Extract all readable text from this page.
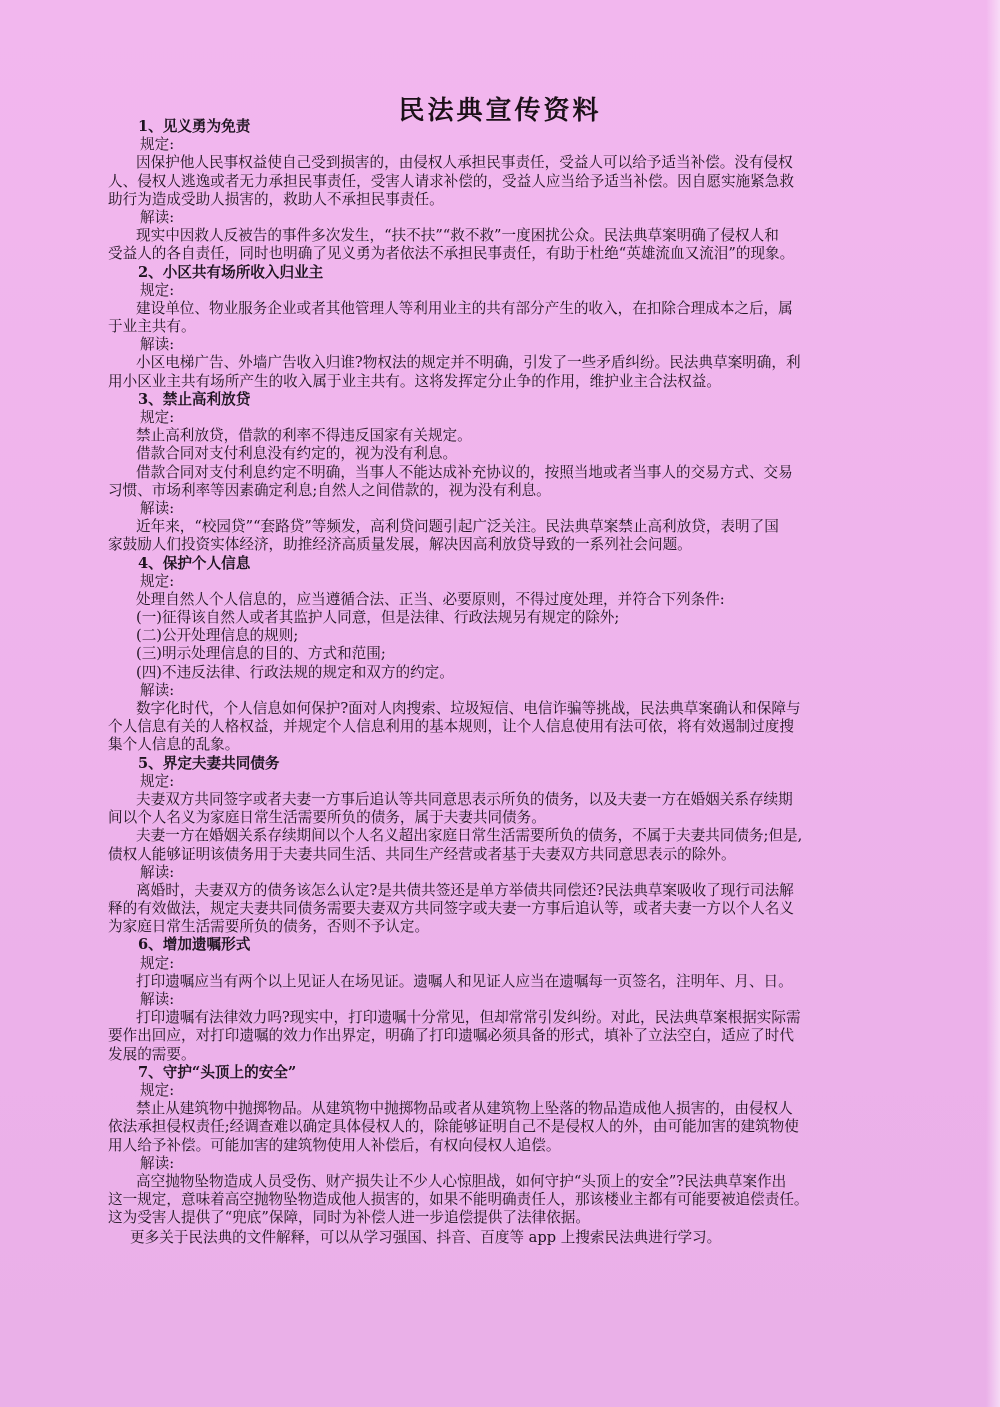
民法典宣传资料
1、见义勇为免责
规定:
因保护他人民事权益使自己受到损害的，由侵权人承担民事责任，受益人可以给予适当补偿。没有侵权
人、侵权人逃逸或者无力承担民事责任，受害人请求补偿的，受益人应当给予适当补偿。因自愿实施紧急救
助行为造成受助人损害的，救助人不承担民事责任。
解读:
现实中因救人反被告的事件多次发生，“扶不扶”“救不救”一度困扰公众。民法典草案明确了侵权人和
受益人的各自责任，同时也明确了见义勇为者依法不承担民事责任，有助于杜绝“英雄流血又流泪”的现象。
2、小区共有场所收入归业主
规定:
建设单位、物业服务企业或者其他管理人等利用业主的共有部分产生的收入，在扣除合理成本之后，属
于业主共有。
解读:
小区电梯广告、外墙广告收入归谁?物权法的规定并不明确，引发了一些矛盾纠纷。民法典草案明确，利
用小区业主共有场所产生的收入属于业主共有。这将发挥定分止争的作用，维护业主合法权益。
3、禁止高利放贷
规定:
禁止高利放贷，借款的利率不得违反国家有关规定。
借款合同对支付利息没有约定的，视为没有利息。
借款合同对支付利息约定不明确，当事人不能达成补充协议的，按照当地或者当事人的交易方式、交易
习惯、市场利率等因素确定利息;自然人之间借款的，视为没有利息。
解读:
近年来，“校园贷”“套路贷”等频发，高利贷问题引起广泛关注。民法典草案禁止高利放贷，表明了国
家鼓励人们投资实体经济，助推经济高质量发展，解决因高利放贷导致的一系列社会问题。
4、保护个人信息
规定:
处理自然人个人信息的，应当遵循合法、正当、必要原则，不得过度处理，并符合下列条件:
(一)征得该自然人或者其监护人同意，但是法律、行政法规另有规定的除外;
(二)公开处理信息的规则;
(三)明示处理信息的目的、方式和范围;
(四)不违反法律、行政法规的规定和双方的约定。
解读:
数字化时代，个人信息如何保护?面对人肉搜索、垃圾短信、电信诈骗等挑战，民法典草案确认和保障与
个人信息有关的人格权益，并规定个人信息利用的基本规则，让个人信息使用有法可依，将有效遏制过度搜
集个人信息的乱象。
5、界定夫妻共同债务
规定:
夫妻双方共同签字或者夫妻一方事后追认等共同意思表示所负的债务，以及夫妻一方在婚姻关系存续期
间以个人名义为家庭日常生活需要所负的债务，属于夫妻共同债务。
夫妻一方在婚姻关系存续期间以个人名义超出家庭日常生活需要所负的债务，不属于夫妻共同债务;但是,
债权人能够证明该债务用于夫妻共同生活、共同生产经营或者基于夫妻双方共同意思表示的除外。
解读:
离婚时，夫妻双方的债务该怎么认定?是共债共签还是单方举债共同偿还?民法典草案吸收了现行司法解
释的有效做法，规定夫妻共同债务需要夫妻双方共同签字或夫妻一方事后追认等，或者夫妻一方以个人名义
为家庭日常生活需要所负的债务，否则不予认定。
6、增加遗嘱形式
规定:
打印遗嘱应当有两个以上见证人在场见证。遗嘱人和见证人应当在遗嘱每一页签名，注明年、月、日。
解读:
打印遗嘱有法律效力吗?现实中，打印遗嘱十分常见，但却常常引发纠纷。对此，民法典草案根据实际需
要作出回应，对打印遗嘱的效力作出界定，明确了打印遗嘱必须具备的形式，填补了立法空白，适应了时代
发展的需要。
7、守护“头顶上的安全”
规定:
禁止从建筑物中抛掷物品。从建筑物中抛掷物品或者从建筑物上坠落的物品造成他人损害的，由侵权人
依法承担侵权责任;经调查难以确定具体侵权人的，除能够证明自己不是侵权人的外，由可能加害的建筑物使
用人给予补偿。可能加害的建筑物使用人补偿后，有权向侵权人追偿。
解读:
高空抛物坠物造成人员受伤、财产损失让不少人心惊胆战，如何守护“头顶上的安全”?民法典草案作出
这一规定，意味着高空抛物坠物造成他人损害的，如果不能明确责任人，那该楼业主都有可能要被追偿责任。
这为受害人提供了“兜底”保障，同时为补偿人进一步追偿提供了法律依据。
更多关于民法典的文件解释，可以从学习强国、抖音、百度等 app 上搜索民法典进行学习。
